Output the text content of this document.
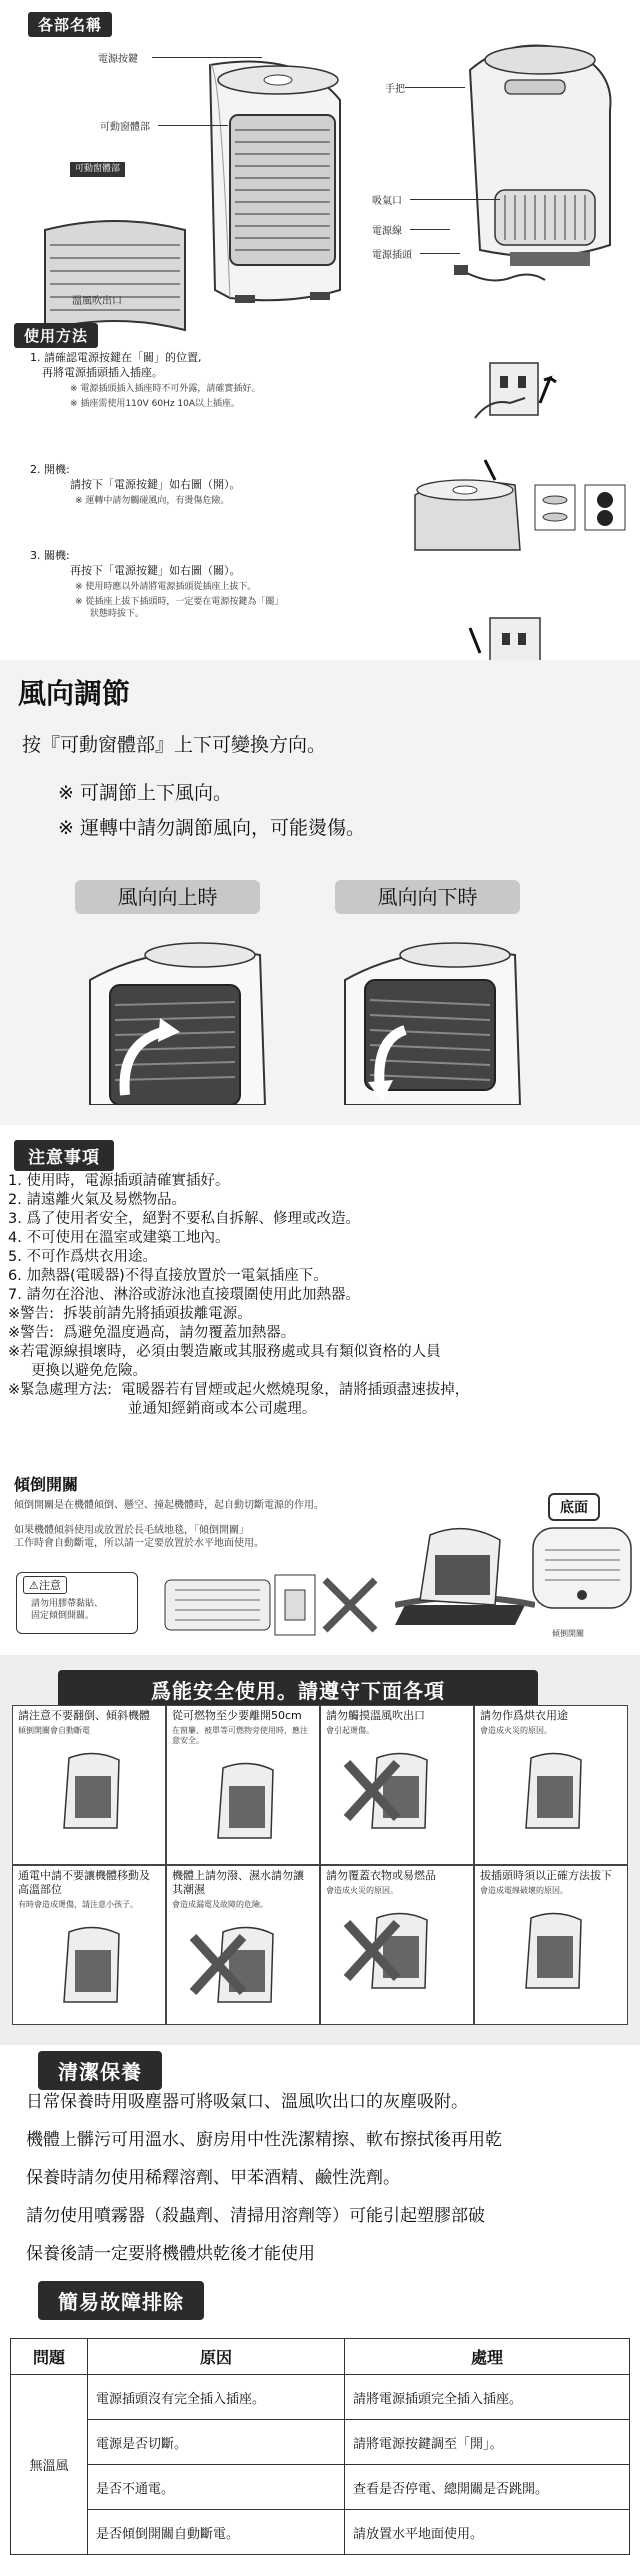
各部名稱
電源按鍵
可動窗體部
可動窗體部
溫風吹出口
手把
吸氣口
電源線
電源插頭
使用方法
1. 請確認電源按鍵在「關」的位置,
再將電源插頭插入插座。
※ 電源插頭插入插座時不可外露，請確實插好。
※ 插座需使用110V 60Hz 10A以上插座。
2. 開機:
請按下「電源按鍵」如右圖（開）。
※ 運轉中請勿觸碰風向，有燙傷危險。
3. 關機:
再按下「電源按鍵」如右圖（關）。
※ 使用時應以外請將電源插頭從插座上拔下。
※ 從插座上拔下插頭時，一定要在電源按鍵為「關」
狀態時拔下。
風向調節
按『可動窗體部』上下可變換方向。
※ 可調節上下風向。
※ 運轉中請勿調節風向，可能燙傷。
風向向上時	風向向下時
注意事項
1. 使用時，電源插頭請確實插好。
2. 請遠離火氣及易燃物品。
3. 爲了使用者安全，絕對不要私自拆解、修理或改造。
4. 不可使用在溫室或建築工地內。
5. 不可作爲烘衣用途。
6. 加熱器(電暖器)不得直接放置於一電氣插座下。
7. 請勿在浴池、淋浴或游泳池直接環圍使用此加熱器。
※警告:  拆裝前請先將插頭拔離電源。
※警告:  爲避免溫度過高，請勿覆蓋加熱器。
※若電源線損壞時，必須由製造廠或其服務處或具有類似資格的人員
更換以避免危險。
※緊急處理方法:  電暖器若有冒煙或起火燃燒現象，請將插頭盡速拔掉，
並通知經銷商或本公司處理。
傾倒開關
傾倒開關是在機體傾倒、懸空、撞起機體時，起自動切斷電源的作用。
如果機體傾斜使用或放置於長毛絨地毯，「傾倒開關」
工作時會自動斷電，所以請一定要放置於水平地面使用。
底面
⚠注意
請勿用膠帶黏貼、
固定傾倒開關。
傾倒開關
爲能安全使用。請遵守下面各項
請注意不要翻倒、傾斜機體
傾倒開關會自動斷電
從可燃物至少要離開50cm
在窗簾、被單等可燃物旁使用時，應注意安全。
請勿觸摸溫風吹出口
會引起燙傷。
請勿作爲烘衣用途
會造成火災的原因。
通電中請不要讓機體移動及高溫部位
有時會造成燙傷，請注意小孩子。
機體上請勿潑、濕水請勿讓其潮濕
會造成漏電及故障的危險。
請勿覆蓋衣物或易燃品
會造成火災的原因。
拔插頭時須以正確方法拔下
會造成電線破壞的原因。
清潔保養
日常保養時用吸塵器可將吸氣口、溫風吹出口的灰塵吸附。
機體上髒污可用溫水、廚房用中性洗潔精擦、軟布擦拭後再用乾
保養時請勿使用稀釋溶劑、甲苯酒精、鹼性洗劑。
請勿使用噴霧器（殺蟲劑、清掃用溶劑等）可能引起塑膠部破
保養後請一定要將機體烘乾後才能使用
簡易故障排除
問題	原因	處理
無溫風	電源插頭沒有完全插入插座。	請將電源插頭完全插入插座。
	電源是否切斷。	請將電源按鍵調至「開」。
	是否不通電。	查看是否停電、總開關是否跳開。
	是否傾倒開關自動斷電。	請放置水平地面使用。
